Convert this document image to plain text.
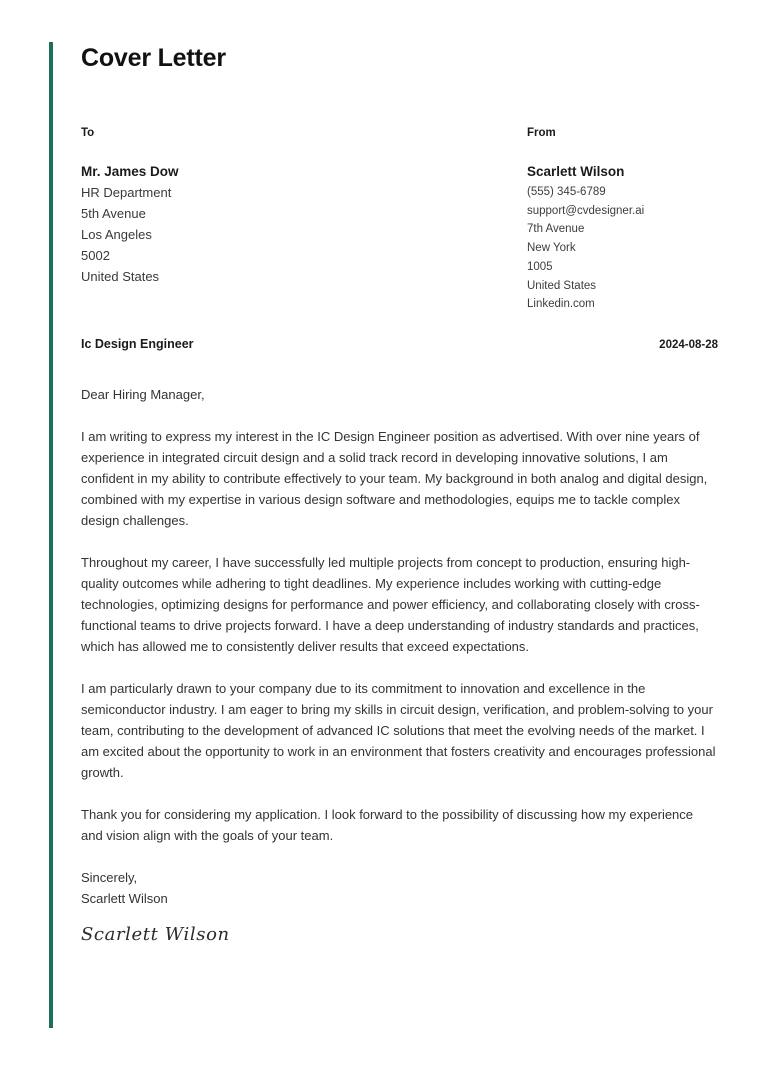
Cover Letter
To
Mr. James Dow
HR Department
5th Avenue
Los Angeles
5002
United States
From
Scarlett Wilson
(555) 345-6789
support@cvdesigner.ai
7th Avenue
New York
1005
United States
Linkedin.com
Ic Design Engineer	2024-08-28

Dear Hiring Manager,

I am writing to express my interest in the IC Design Engineer position as advertised. With over nine years of experience in integrated circuit design and a solid track record in developing innovative solutions, I am confident in my ability to contribute effectively to your team. My background in both analog and digital design, combined with my expertise in various design software and methodologies, equips me to tackle complex design challenges.

Throughout my career, I have successfully led multiple projects from concept to production, ensuring high-quality outcomes while adhering to tight deadlines. My experience includes working with cutting-edge technologies, optimizing designs for performance and power efficiency, and collaborating closely with cross-functional teams to drive projects forward. I have a deep understanding of industry standards and practices, which has allowed me to consistently deliver results that exceed expectations.

I am particularly drawn to your company due to its commitment to innovation and excellence in the semiconductor industry. I am eager to bring my skills in circuit design, verification, and problem-solving to your team, contributing to the development of advanced IC solutions that meet the evolving needs of the market. I am excited about the opportunity to work in an environment that fosters creativity and encourages professional growth.

Thank you for considering my application. I look forward to the possibility of discussing how my experience and vision align with the goals of your team.

Sincerely,
Scarlett Wilson
Scarlett Wilson
